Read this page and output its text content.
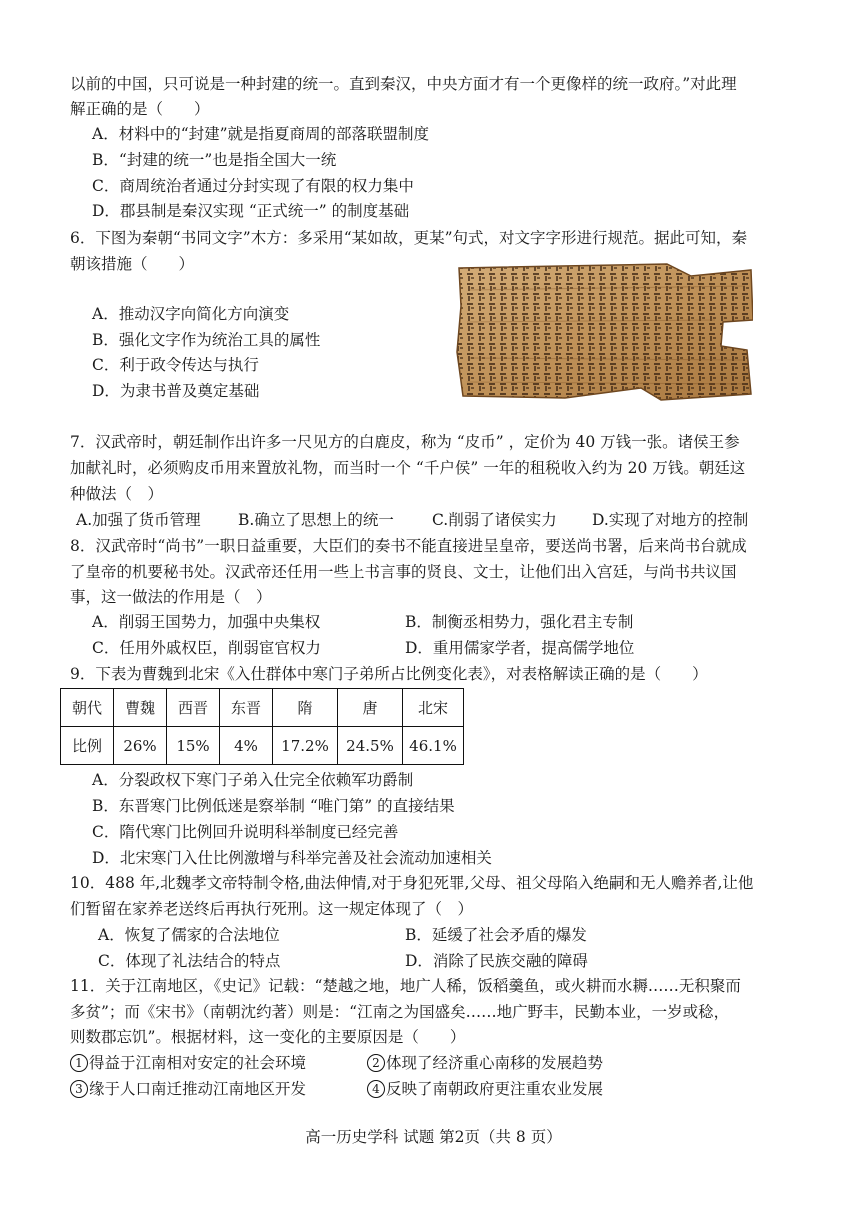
以前的中国，只可说是一种封建的统一。直到秦汉，中央方面才有一个更像样的统一政府。”对此理
解正确的是（　　）
A．材料中的“封建”就是指夏商周的部落联盟制度
B．“封建的统一”也是指全国大一统
C．商周统治者通过分封实现了有限的权力集中
D．郡县制是秦汉实现 “正式统一” 的制度基础
6．下图为秦朝“书同文字”木方：多采用“某如故，更某”句式，对文字字形进行规范。据此可知，秦
朝该措施（　　）
A．推动汉字向简化方向演变
B．强化文字作为统治工具的属性
C．利于政令传达与执行
D．为隶书普及奠定基础
7．汉武帝时，朝廷制作出许多一尺见方的白鹿皮，称为 “皮币” ，定价为 40 万钱一张。诸侯王参
加献礼时，必须购皮币用来置放礼物，而当时一个 “千户侯” 一年的租税收入约为 20 万钱。朝廷这
种做法（　）
A.加强了货币管理 B.确立了思想上的统一 C.削弱了诸侯实力 D.实现了对地方的控制
8．汉武帝时“尚书”一职日益重要，大臣们的奏书不能直接进呈皇帝，要送尚书署，后来尚书台就成
了皇帝的机要秘书处。汉武帝还任用一些上书言事的贤良、文士，让他们出入宫廷，与尚书共议国
事，这一做法的作用是（　）
A．削弱王国势力，加强中央集权	B．制衡丞相势力，强化君主专制
C．任用外戚权臣，削弱宦官权力	D．重用儒家学者，提高儒学地位
9．下表为曹魏到北宋《入仕群体中寒门子弟所占比例变化表》，对表格解读正确的是（　　）
朝代	曹魏	西晋	东晋	隋	唐	北宋
比例	26%	15%	4%	17.2%	24.5%	46.1%
A．分裂政权下寒门子弟入仕完全依赖军功爵制
B．东晋寒门比例低迷是察举制 “唯门第” 的直接结果
C．隋代寒门比例回升说明科举制度已经完善
D．北宋寒门入仕比例激增与科举完善及社会流动加速相关
10．488 年,北魏孝文帝特制令格,曲法伸情,对于身犯死罪,父母、祖父母陷入绝嗣和无人赡养者,让他
们暂留在家养老送终后再执行死刑。这一规定体现了（　）
A．恢复了儒家的合法地位	B．延缓了社会矛盾的爆发
C．体现了礼法结合的特点	D．消除了民族交融的障碍
11．关于江南地区，《史记》记载：“楚越之地，地广人稀，饭稻羹鱼，或火耕而水耨……无积聚而
多贫”；而《宋书》（南朝沈约著）则是：“江南之为国盛矣……地广野丰，民勤本业，一岁或稔，
则数郡忘饥”。根据材料，这一变化的主要原因是（　　）
1 得益于江南相对安定的社会环境	2 体现了经济重心南移的发展趋势
3 缘于人口南迁推动江南地区开发	4 反映了南朝政府更注重农业发展
高一历史学科 试题 第2页（共 8 页）
